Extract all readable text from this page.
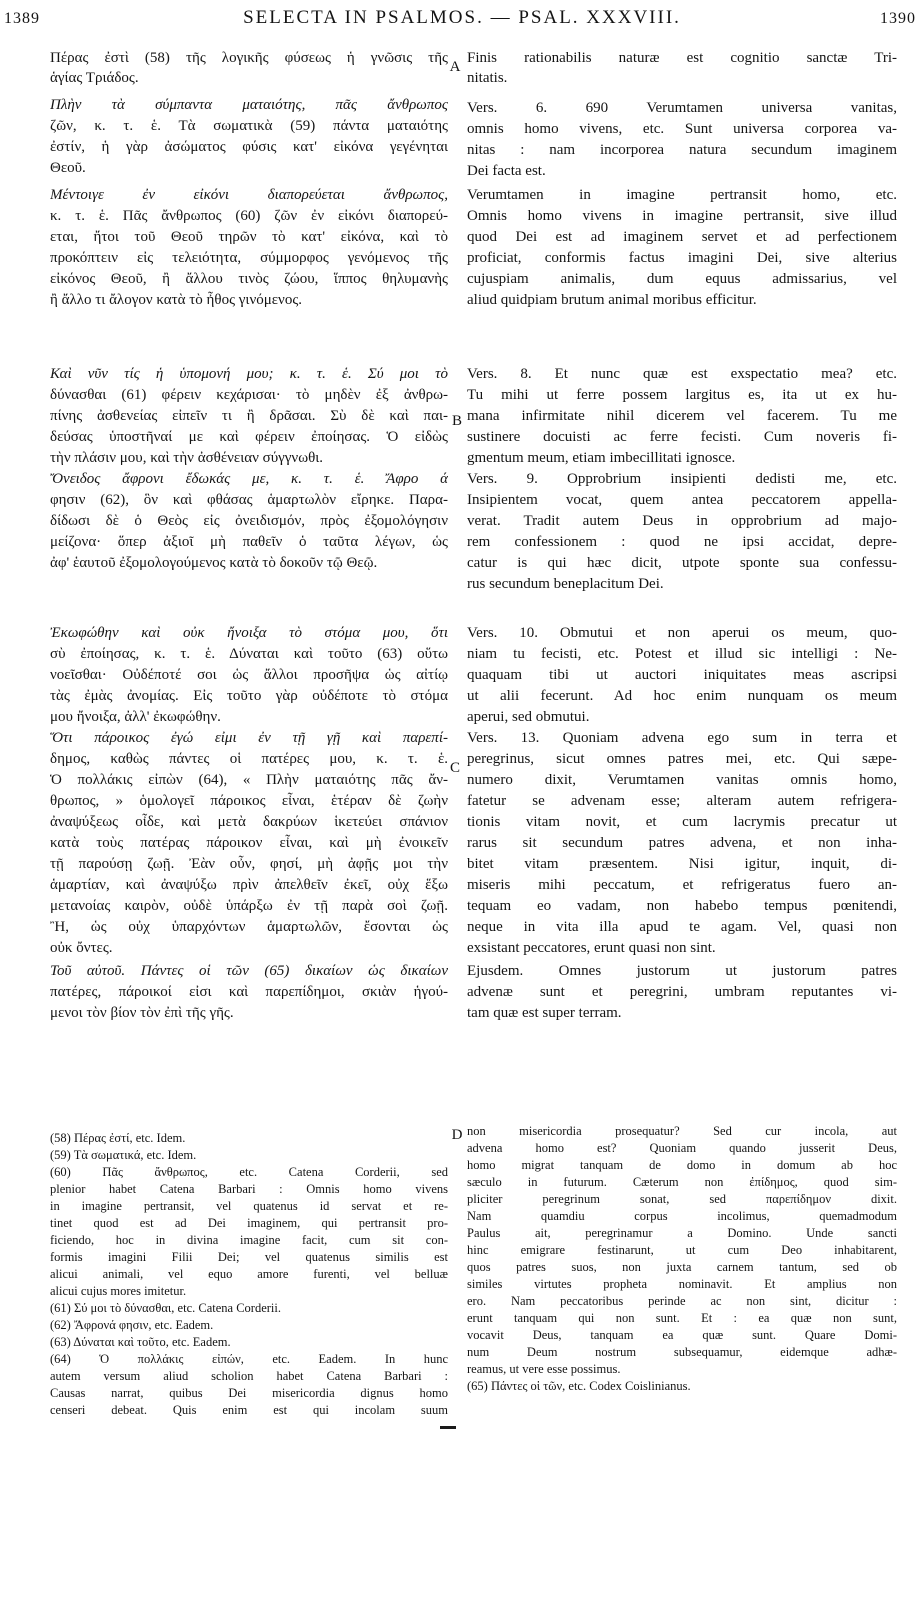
1389	SELECTA IN PSALMOS. — PSAL. XXXVIII.	1390
A
B
C
D
Πέρας ἐστὶ (58) τῆς λογικῆς φύσεως ἡ γνῶσις τῆς
ἁγίας Τριάδος.
Πλὴν τὰ σύμπαντα ματαιότης, πᾶς ἄνθρωπος
ζῶν, κ. τ. ἑ. Τὰ σωματικὰ (59) πάντα ματαιότης
ἐστίν, ἡ γὰρ ἀσώματος φύσις κατ' εἰκόνα γεγένηται
Θεοῦ.
Μέντοιγε ἐν εἰκόνι διαπορεύεται ἄνθρωπος,
κ. τ. ἑ. Πᾶς ἄνθρωπος (60) ζῶν ἐν εἰκόνι διαπορεύ-
εται, ἤτοι τοῦ Θεοῦ τηρῶν τὸ κατ' εἰκόνα, καὶ τὸ
προκόπτειν εἰς τελειότητα, σύμμορφος γενόμενος τῆς
εἰκόνος Θεοῦ, ἢ ἄλλου τινὸς ζώου, ἵππος θηλυμανὴς
ἢ ἄλλο τι ἄλογον κατὰ τὸ ἦθος γινόμενος.
Καὶ νῦν τίς ἡ ὑπομονή μου; κ. τ. ἑ. Σύ μοι τὸ
δύνασθαι (61) φέρειν κεχάρισαι· τὸ μηδὲν ἐξ ἀνθρω-
πίνης ἀσθενείας εἰπεῖν τι ἢ δρᾶσαι. Σὺ δὲ καὶ παι-
δεύσας ὑποστῆναί με καὶ φέρειν ἐποίησας. Ὁ εἰδὼς
τὴν πλάσιν μου, καὶ τὴν ἀσθένειαν σύγγνωθι.
Ὄνειδος ἄφρονι ἔδωκάς με, κ. τ. ἑ. Ἄφρο ά
φησιν (62), ὃν καὶ φθάσας ἁμαρτωλὸν εἴρηκε. Παρα-
δίδωσι δὲ ὁ Θεὸς εἰς ὀνειδισμόν, πρὸς ἐξομολόγησιν
μείζονα· ὅπερ ἀξιοῖ μὴ παθεῖν ὁ ταῦτα λέγων, ὡς
ἀφ' ἑαυτοῦ ἐξομολογούμενος κατὰ τὸ δοκοῦν τῷ Θεῷ.
Ἐκωφώθην καὶ οὐκ ἤνοιξα τὸ στόμα μου, ὅτι
σὺ ἐποίησας, κ. τ. ἑ. Δύναται καὶ τοῦτο (63) οὕτω
νοεῖσθαι· Οὐδέποτέ σοι ὡς ἄλλοι προσῆψα ὡς αἰτίῳ
τὰς ἐμὰς ἀνομίας. Εἰς τοῦτο γὰρ οὐδέποτε τὸ στόμα
μου ἤνοιξα, ἀλλ' ἐκωφώθην.
Ὅτι πάροικος ἐγώ εἰμι ἐν τῇ γῇ καὶ παρεπί-
δημος, καθὼς πάντες οἱ πατέρες μου, κ. τ. ἑ.
Ὁ πολλάκις εἰπὼν (64), « Πλὴν ματαιότης πᾶς ἄν-
θρωπος, » ὁμολογεῖ πάροικος εἶναι, ἑτέραν δὲ ζωὴν
ἀναψύξεως οἶδε, καὶ μετὰ δακρύων ἱκετεύει σπάνιον
κατὰ τοὺς πατέρας πάροικον εἶναι, καὶ μὴ ἐνοικεῖν
τῇ παρούσῃ ζωῇ. Ἐὰν οὖν, φησί, μὴ ἀφῇς μοι τὴν
ἁμαρτίαν, καὶ ἀναψύξω πρὶν ἀπελθεῖν ἐκεῖ, οὐχ ἕξω
μετανοίας καιρὸν, οὐδὲ ὑπάρξω ἐν τῇ παρὰ σοὶ ζωῇ.
Ἢ, ὡς οὐχ ὑπαρχόντων ἁμαρτωλῶν, ἔσονται ὡς
οὐκ ὄντες.
Τοῦ αὐτοῦ. Πάντες οἱ τῶν (65) δικαίων ὡς δικαίων
πατέρες, πάροικοί εἰσι καὶ παρεπίδημοι, σκιὰν ἡγού-
μενοι τὸν βίον τὸν ἐπὶ τῆς γῆς.
Finis rationabilis naturæ est cognitio sanctæ Tri-
nitatis.
Vers. 6. 690 Verumtamen universa vanitas,
omnis homo vivens, etc. Sunt universa corporea va-
nitas : nam incorporea natura secundum imaginem
Dei facta est.
Verumtamen in imagine pertransit homo, etc.
Omnis homo vivens in imagine pertransit, sive illud
quod Dei est ad imaginem servet et ad perfectionem
proficiat, conformis factus imagini Dei, sive alterius
cujuspiam animalis, dum equus admissarius, vel
aliud quidpiam brutum animal moribus efficitur.
Vers. 8. Et nunc quæ est exspectatio mea? etc.
Tu mihi ut ferre possem largitus es, ita ut ex hu-
mana infirmitate nihil dicerem vel facerem. Tu me
sustinere docuisti ac ferre fecisti. Cum noveris fi-
gmentum meum, etiam imbecillitati ignosce.
Vers. 9. Opprobrium insipienti dedisti me, etc.
Insipientem vocat, quem antea peccatorem appella-
verat. Tradit autem Deus in opprobrium ad majo-
rem confessionem : quod ne ipsi accidat, depre-
catur is qui hæc dicit, utpote sponte sua confessu-
rus secundum beneplacitum Dei.
Vers. 10. Obmutui et non aperui os meum, quo-
niam tu fecisti, etc. Potest et illud sic intelligi : Ne-
quaquam tibi ut auctori iniquitates meas ascripsi
ut alii fecerunt. Ad hoc enim nunquam os meum
aperui, sed obmutui.
Vers. 13. Quoniam advena ego sum in terra et
peregrinus, sicut omnes patres mei, etc. Qui sæpe-
numero dixit, Verumtamen vanitas omnis homo,
fatetur se advenam esse; alteram autem refrigera-
tionis vitam novit, et cum lacrymis precatur ut
rarus sit secundum patres advena, et non inha-
bitet vitam præsentem. Nisi igitur, inquit, di-
miseris mihi peccatum, et refrigeratus fuero an-
tequam eo vadam, non habebo tempus pœnitendi,
neque in vita illa apud te agam. Vel, quasi non
exsistant peccatores, erunt quasi non sint.
Ejusdem. Omnes justorum ut justorum patres
advenæ sunt et peregrini, umbram reputantes vi-
tam quæ est super terram.
(58) Πέρας ἐστί, etc. Idem.
(59) Τὰ σωματικά, etc. Idem.
(60) Πᾶς ἄνθρωπος, etc. Catena Corderii, sed
plenior habet Catena Barbari : Omnis homo vivens
in imagine pertransit, vel quatenus id servat et re-
tinet quod est ad Dei imaginem, qui pertransit pro-
ficiendo, hoc in divina imagine facit, cum sit con-
formis imagini Filii Dei; vel quatenus similis est
alicui animali, vel equo amore furenti, vel belluæ
alicui cujus mores imitetur.
(61) Σύ μοι τὸ δύνασθαι, etc. Catena Corderii.
(62) Ἄφρονά φησιν, etc. Eadem.
(63) Δύναται καὶ τοῦτο, etc. Eadem.
(64) Ὁ πολλάκις εἰπών, etc. Eadem. In hunc
autem versum aliud scholion habet Catena Barbari :
Causas narrat, quibus Dei misericordia dignus homo
censeri debeat. Quis enim est qui incolam suum
non misericordia prosequatur? Sed cur incola, aut
advena homo est? Quoniam quando jusserit Deus,
homo migrat tanquam de domo in domum ab hoc
sæculo in futurum. Cæterum non ἐπίδημος, quod sim-
pliciter peregrinum sonat, sed παρεπίδημον dixit.
Nam quamdiu corpus incolimus, quemadmodum
Paulus ait, peregrinamur a Domino. Unde sancti
hinc emigrare festinarunt, ut cum Deo inhabitarent,
quos patres suos, non juxta carnem tantum, sed ob
similes virtutes propheta nominavit. Et amplius non
ero. Nam peccatoribus perinde ac non sint, dicitur :
erunt tanquam qui non sunt. Et : ea quæ non sunt,
vocavit Deus, tanquam ea quæ sunt. Quare Domi-
num Deum nostrum subsequamur, eidemque adhæ-
reamus, ut vere esse possimus.
(65) Πάντες οἱ τῶν, etc. Codex Coislinianus.
